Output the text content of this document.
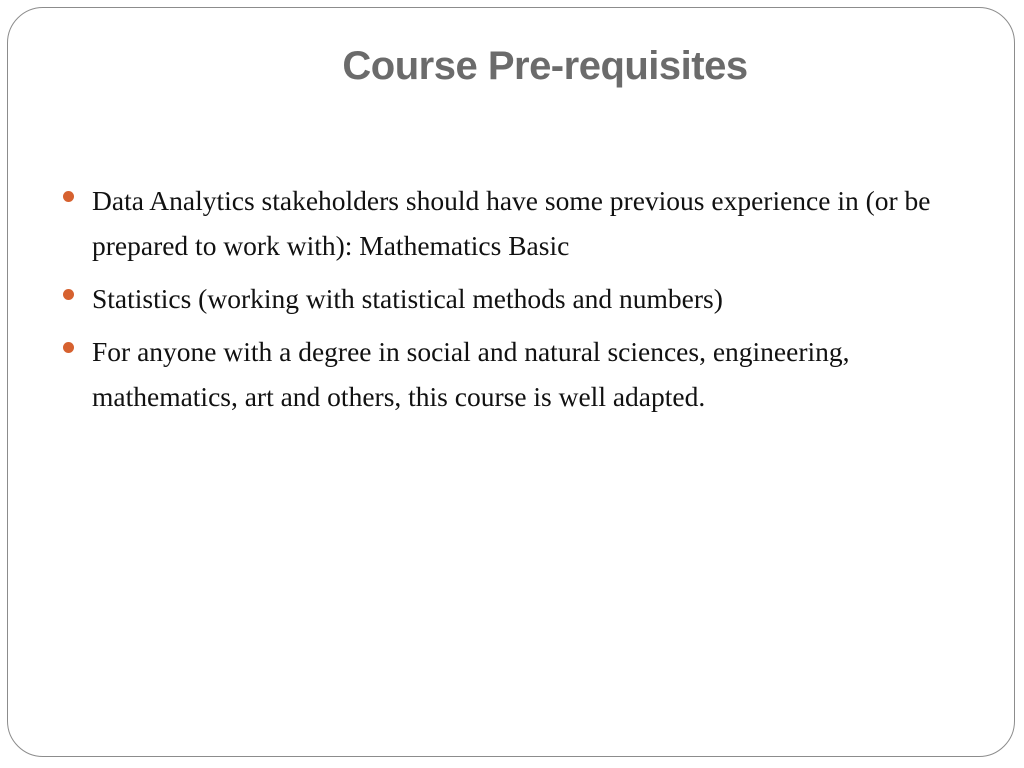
Course Pre-requisites
Data Analytics stakeholders should have some previous experience in (or be prepared to work with): Mathematics Basic
Statistics (working with statistical methods and numbers)
For anyone with a degree in social and natural sciences, engineering, mathematics, art and others, this course is well adapted.
